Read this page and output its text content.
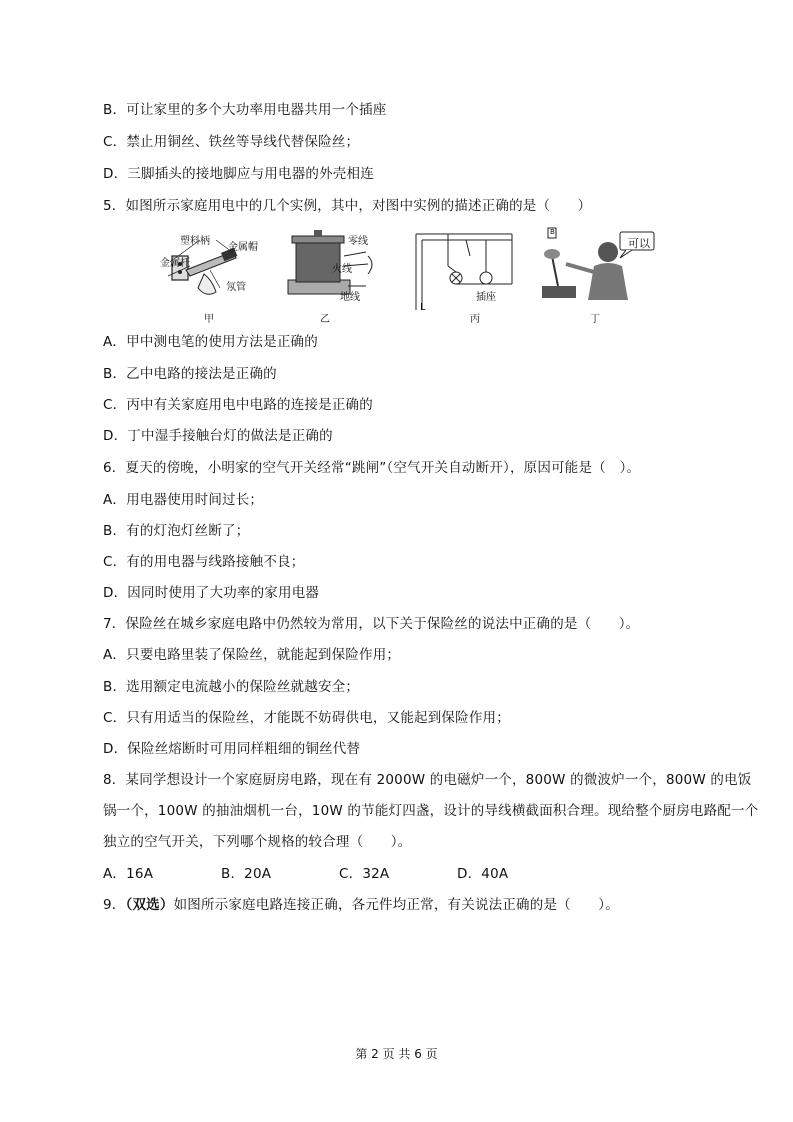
B．可让家里的多个大功率用电器共用一个插座
C．禁止用铜丝、铁丝等导线代替保险丝；
D．三脚插头的接地脚应与用电器的外壳相连
5．如图所示家庭用电中的几个实例，其中，对图中实例的描述正确的是（　　）
塑料柄
金属帽
金属杆
氖管
甲
零线
火线
地线
乙
插座
L
丙
可以
B
丁
A．甲中测电笔的使用方法是正确的
B．乙中电路的接法是正确的
C．丙中有关家庭用电中电路的连接是正确的
D．丁中湿手接触台灯的做法是正确的
6．夏天的傍晚，小明家的空气开关经常“跳闸”（空气开关自动断开），原因可能是（　）。
A．用电器使用时间过长；
B．有的灯泡灯丝断了；
C．有的用电器与线路接触不良；
D．因同时使用了大功率的家用电器
7．保险丝在城乡家庭电路中仍然较为常用，以下关于保险丝的说法中正确的是（　　）。
A．只要电路里装了保险丝，就能起到保险作用；
B．选用额定电流越小的保险丝就越安全；
C．只有用适当的保险丝，才能既不妨碍供电，又能起到保险作用；
D．保险丝熔断时可用同样粗细的铜丝代替
8．某同学想设计一个家庭厨房电路，现在有 2000W 的电磁炉一个，800W 的微波炉一个，800W 的电饭
锅一个，100W 的抽油烟机一台，10W 的节能灯四盏，设计的导线横截面积合理。现给整个厨房电路配一个
独立的空气开关，下列哪个规格的较合理（　　）。
A．16A	B．20A	C．32A	D．40A
9．（双选）如图所示家庭电路连接正确，各元件均正常，有关说法正确的是（　　）。
第 2 页 共 6 页
